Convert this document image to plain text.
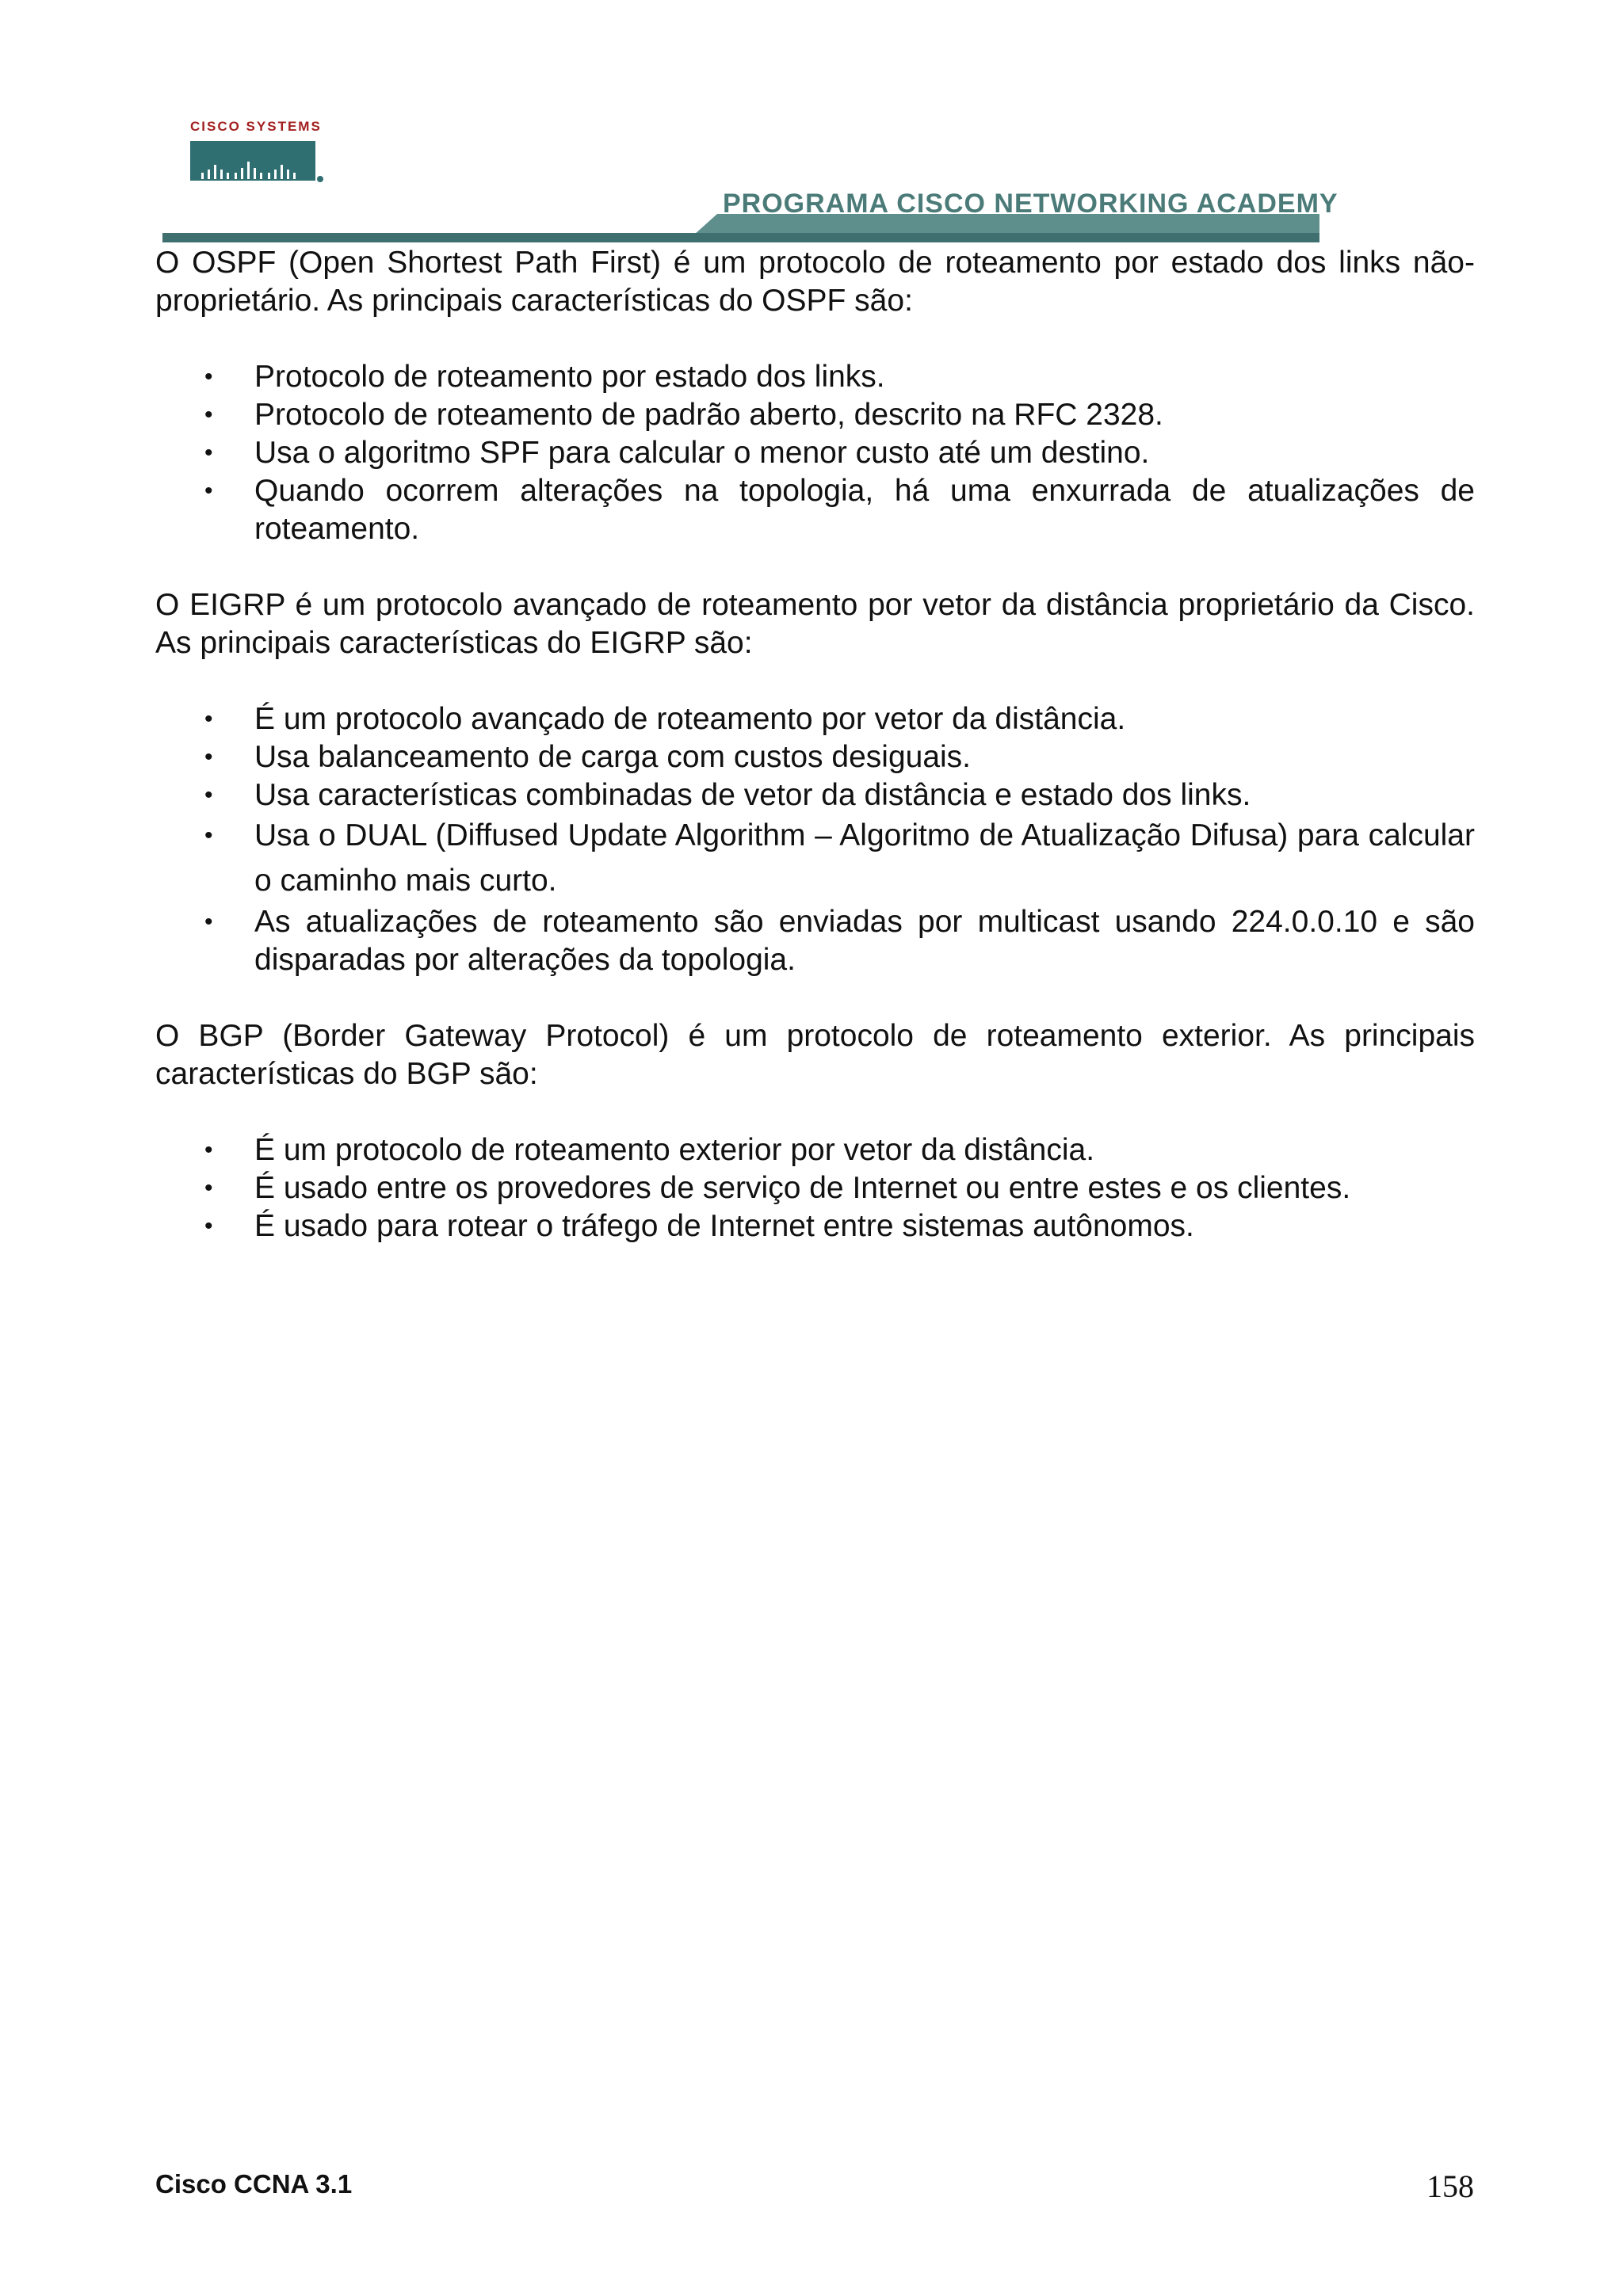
CISCO SYSTEMS
PROGRAMA CISCO NETWORKING ACADEMY

O OSPF (Open Shortest Path First) é um protocolo de roteamento por estado dos links não-proprietário. As principais características do OSPF são:

• Protocolo de roteamento por estado dos links.
• Protocolo de roteamento de padrão aberto, descrito na RFC 2328.
• Usa o algoritmo SPF para calcular o menor custo até um destino.
• Quando ocorrem alterações na topologia, há uma enxurrada de atualizações de roteamento.

O EIGRP é um protocolo avançado de roteamento por vetor da distância proprietário da Cisco. As principais características do EIGRP são:

• É um protocolo avançado de roteamento por vetor da distância.
• Usa balanceamento de carga com custos desiguais.
• Usa características combinadas de vetor da distância e estado dos links.
• Usa o DUAL (Diffused Update Algorithm – Algoritmo de Atualização Difusa) para calcular o caminho mais curto.
• As atualizações de roteamento são enviadas por multicast usando 224.0.0.10 e são disparadas por alterações da topologia.

O BGP (Border Gateway Protocol) é um protocolo de roteamento exterior. As principais características do BGP são:

• É um protocolo de roteamento exterior por vetor da distância.
• É usado entre os provedores de serviço de Internet ou entre estes e os clientes.
• É usado para rotear o tráfego de Internet entre sistemas autônomos.
Cisco CCNA 3.1	158
